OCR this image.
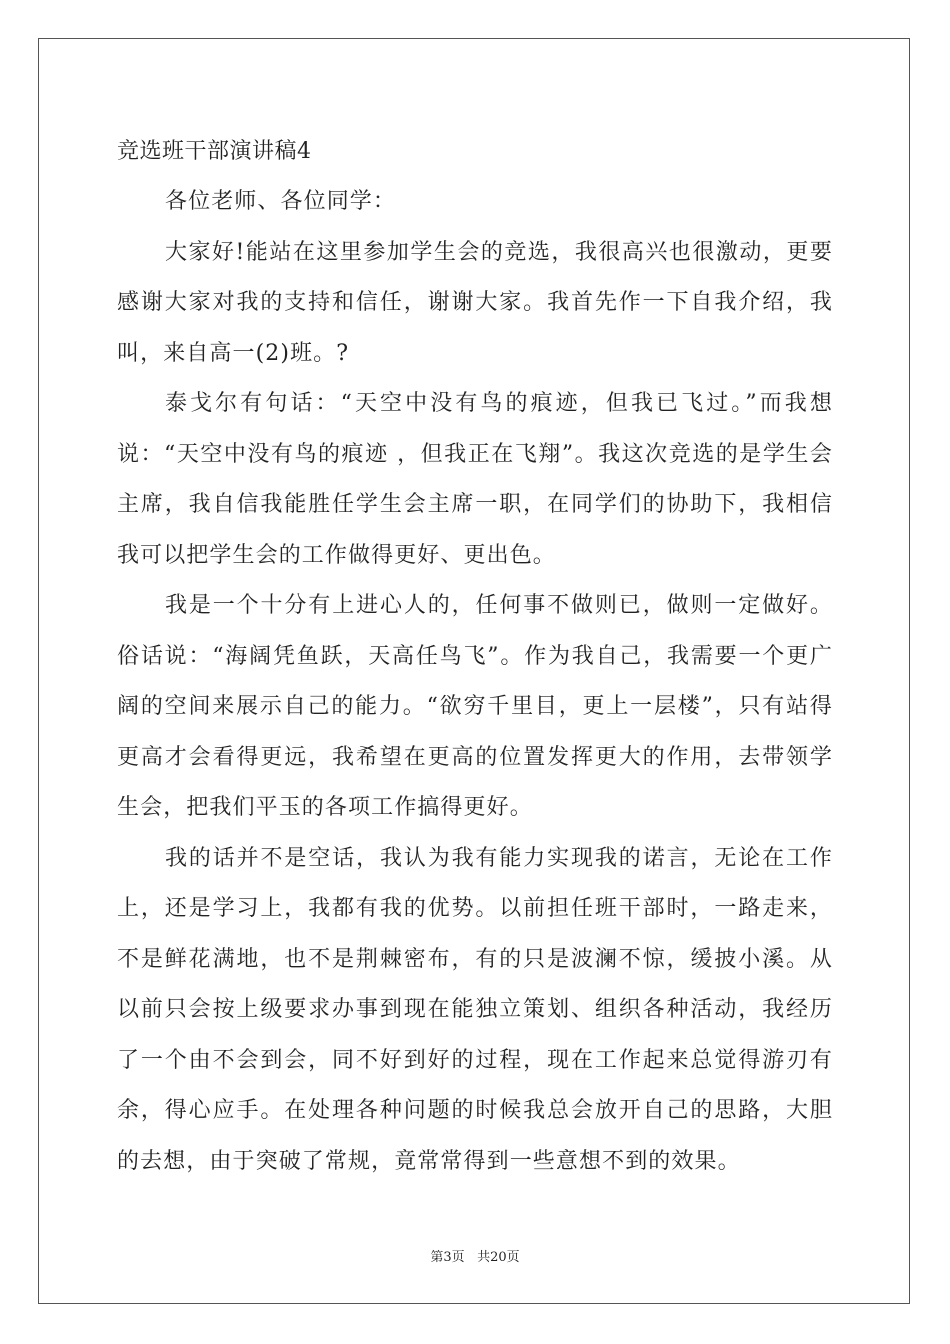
竞选班干部演讲稿4

各位老师、各位同学：

大家好!能站在这里参加学生会的竞选，我很高兴也很激动，更要感谢大家对我的支持和信任，谢谢大家。我首先作一下自我介绍，我叫，来自高一(2)班。?

泰戈尔有句话：“天空中没有鸟的痕迹，但我已飞过。”而我想说：“天空中没有鸟的痕迹 ，但我正在飞翔”。我这次竞选的是学生会主席，我自信我能胜任学生会主席一职，在同学们的协助下，我相信我可以把学生会的工作做得更好、更出色。

我是一个十分有上进心人的，任何事不做则已，做则一定做好。俗话说：“海阔凭鱼跃，天高任鸟飞”。作为我自己，我需要一个更广阔的空间来展示自己的能力。“欲穷千里目，更上一层楼”，只有站得更高才会看得更远，我希望在更高的位置发挥更大的作用，去带领学生会，把我们平玉的各项工作搞得更好。

我的话并不是空话，我认为我有能力实现我的诺言，无论在工作上，还是学习上，我都有我的优势。以前担任班干部时，一路走来，不是鲜花满地，也不是荆棘密布，有的只是波澜不惊，缓披小溪。从以前只会按上级要求办事到现在能独立策划、组织各种活动，我经历了一个由不会到会，同不好到好的过程，现在工作起来总觉得游刃有余，得心应手。在处理各种问题的时候我总会放开自己的思路，大胆的去想，由于突破了常规，竟常常得到一些意想不到的效果。

第3页 共20页
